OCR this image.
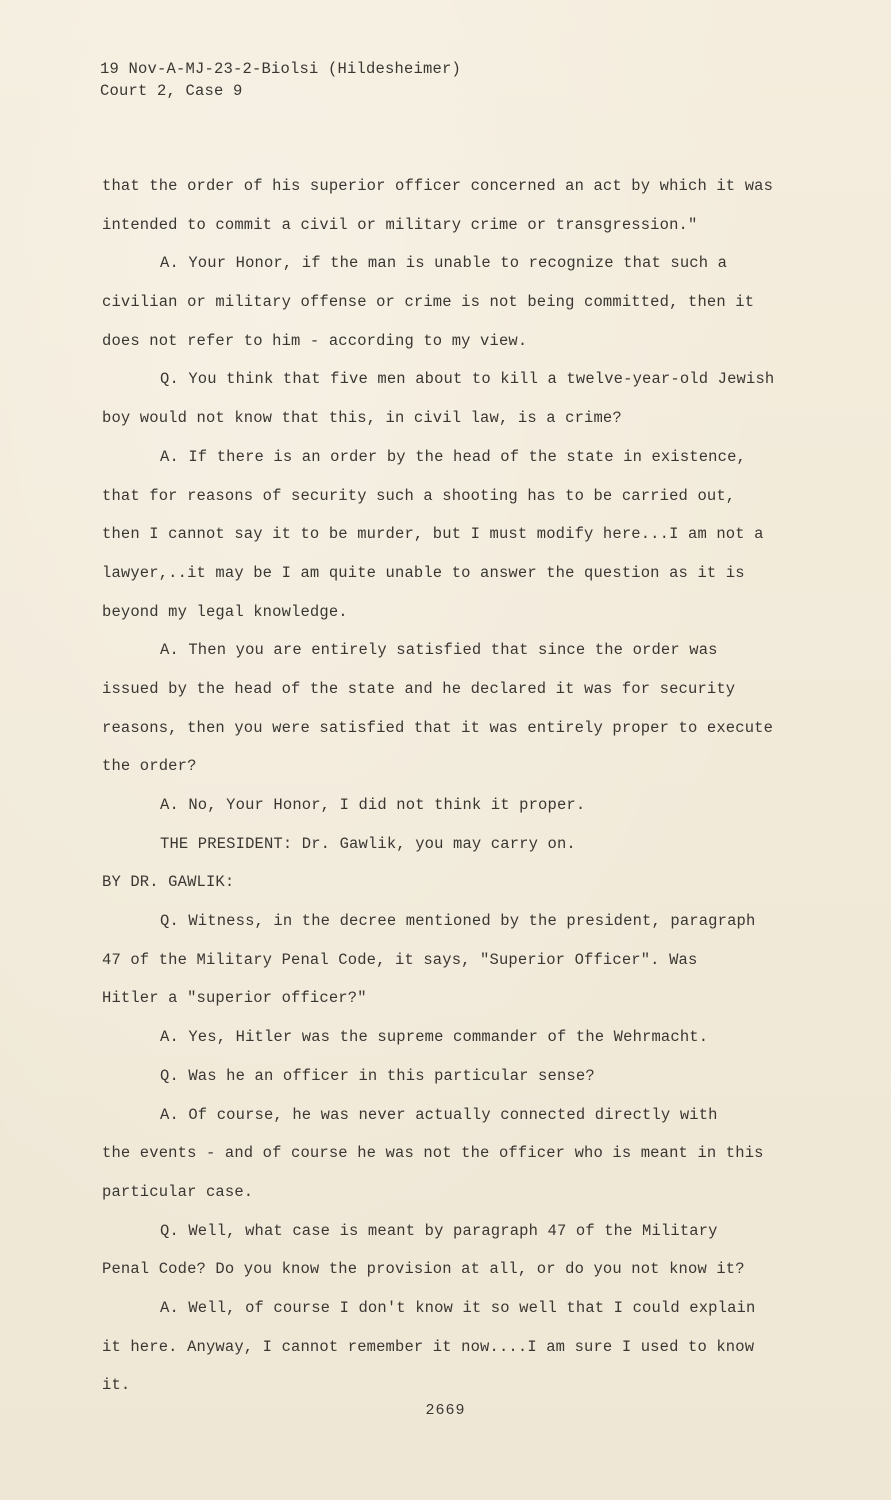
19 Nov-A-MJ-23-2-Biolsi (Hildesheimer)
Court 2, Case 9
that the order of his superior officer concerned an act by which it was
intended to commit a civil or military crime or transgression."
A. Your Honor, if the man is unable to recognize that such a
civilian or military offense or crime is not being committed, then it
does not refer to him - according to my view.
Q. You think that five men about to kill a twelve-year-old Jewish
boy would not know that this, in civil law, is a crime?
A. If there is an order by the head of the state in existence,
that for reasons of security such a shooting has to be carried out,
then I cannot say it to be murder, but I must modify here...I am not a
lawyer,..it may be I am quite unable to answer the question as it is
beyond my legal knowledge.
A. Then you are entirely satisfied that since the order was
issued by the head of the state and he declared it was for security
reasons, then you were satisfied that it was entirely proper to execute
the order?
A. No, Your Honor, I did not think it proper.
THE PRESIDENT: Dr. Gawlik, you may carry on.
BY DR. GAWLIK:
Q. Witness, in the decree mentioned by the president, paragraph
47 of the Military Penal Code, it says, "Superior Officer". Was
Hitler a "superior officer?"
A. Yes, Hitler was the supreme commander of the Wehrmacht.
Q. Was he an officer in this particular sense?
A. Of course, he was never actually connected directly with
the events - and of course he was not the officer who is meant in this
particular case.
Q. Well, what case is meant by paragraph 47 of the Military
Penal Code? Do you know the provision at all, or do you not know it?
A. Well, of course I don't know it so well that I could explain
it here. Anyway, I cannot remember it now....I am sure I used to know
it.
2669
